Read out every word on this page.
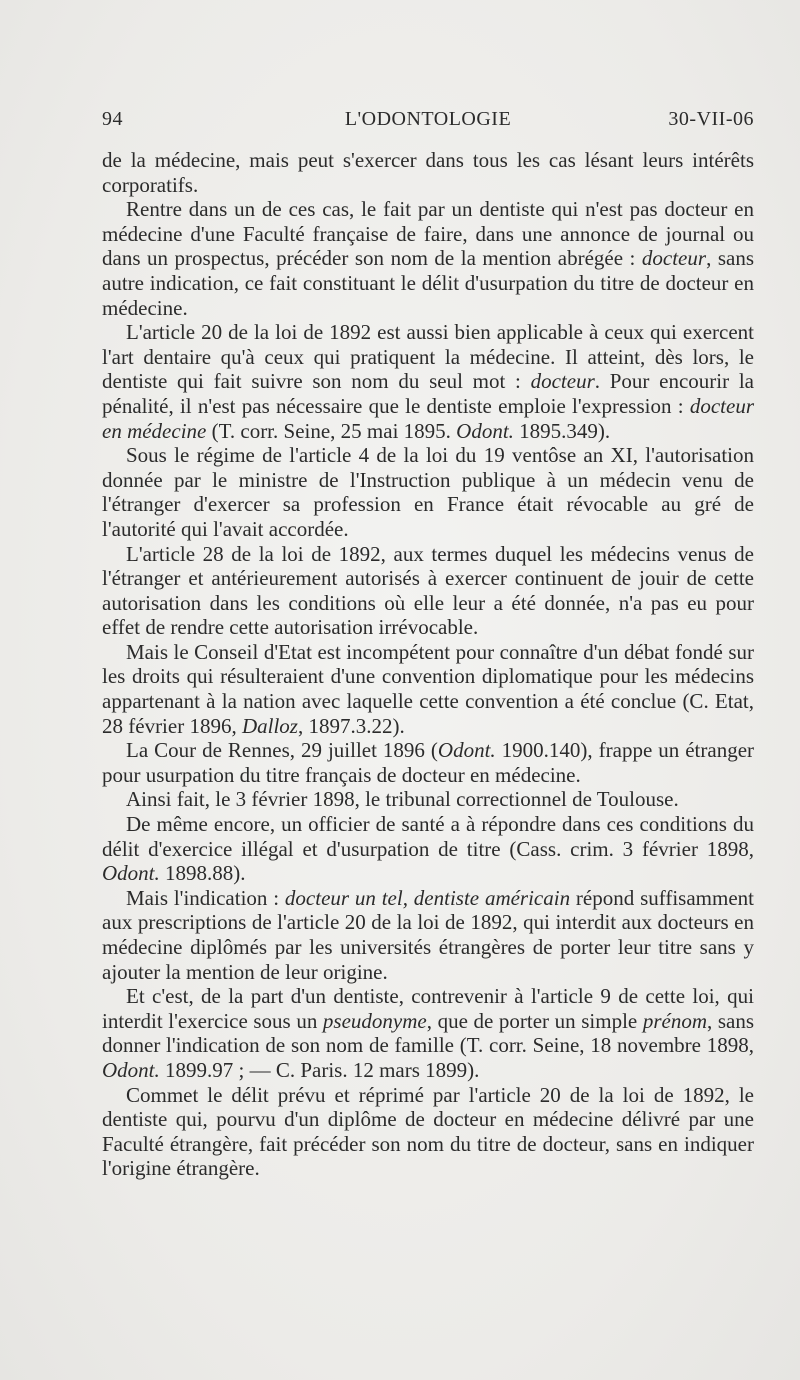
94	L'ODONTOLOGIE	30-VII-06

de la médecine, mais peut s'exercer dans tous les cas lésant leurs intérêts corporatifs.

Rentre dans un de ces cas, le fait par un dentiste qui n'est pas docteur en médecine d'une Faculté française de faire, dans une annonce de journal ou dans un prospectus, précéder son nom de la mention abrégée : docteur, sans autre indication, ce fait constituant le délit d'usurpation du titre de docteur en médecine.

L'article 20 de la loi de 1892 est aussi bien applicable à ceux qui exercent l'art dentaire qu'à ceux qui pratiquent la médecine. Il atteint, dès lors, le dentiste qui fait suivre son nom du seul mot : docteur. Pour encourir la pénalité, il n'est pas nécessaire que le dentiste emploie l'expression : docteur en médecine (T. corr. Seine, 25 mai 1895. Odont. 1895.349).

Sous le régime de l'article 4 de la loi du 19 ventôse an XI, l'autorisation donnée par le ministre de l'Instruction publique à un médecin venu de l'étranger d'exercer sa profession en France était révocable au gré de l'autorité qui l'avait accordée.

L'article 28 de la loi de 1892, aux termes duquel les médecins venus de l'étranger et antérieurement autorisés à exercer continuent de jouir de cette autorisation dans les conditions où elle leur a été donnée, n'a pas eu pour effet de rendre cette autorisation irrévocable.

Mais le Conseil d'Etat est incompétent pour connaître d'un débat fondé sur les droits qui résulteraient d'une convention diplomatique pour les médecins appartenant à la nation avec laquelle cette convention a été conclue (C. Etat, 28 février 1896, Dalloz, 1897.3.22).

La Cour de Rennes, 29 juillet 1896 (Odont. 1900.140), frappe un étranger pour usurpation du titre français de docteur en médecine.

Ainsi fait, le 3 février 1898, le tribunal correctionnel de Toulouse.

De même encore, un officier de santé a à répondre dans ces conditions du délit d'exercice illégal et d'usurpation de titre (Cass. crim. 3 février 1898, Odont. 1898.88).

Mais l'indication : docteur un tel, dentiste américain répond suffisamment aux prescriptions de l'article 20 de la loi de 1892, qui interdit aux docteurs en médecine diplômés par les universités étrangères de porter leur titre sans y ajouter la mention de leur origine.

Et c'est, de la part d'un dentiste, contrevenir à l'article 9 de cette loi, qui interdit l'exercice sous un pseudonyme, que de porter un simple prénom, sans donner l'indication de son nom de famille (T. corr. Seine, 18 novembre 1898, Odont. 1899.97 ; — C. Paris. 12 mars 1899).

Commet le délit prévu et réprimé par l'article 20 de la loi de 1892, le dentiste qui, pourvu d'un diplôme de docteur en médecine délivré par une Faculté étrangère, fait précéder son nom du titre de docteur, sans en indiquer l'origine étrangère.
